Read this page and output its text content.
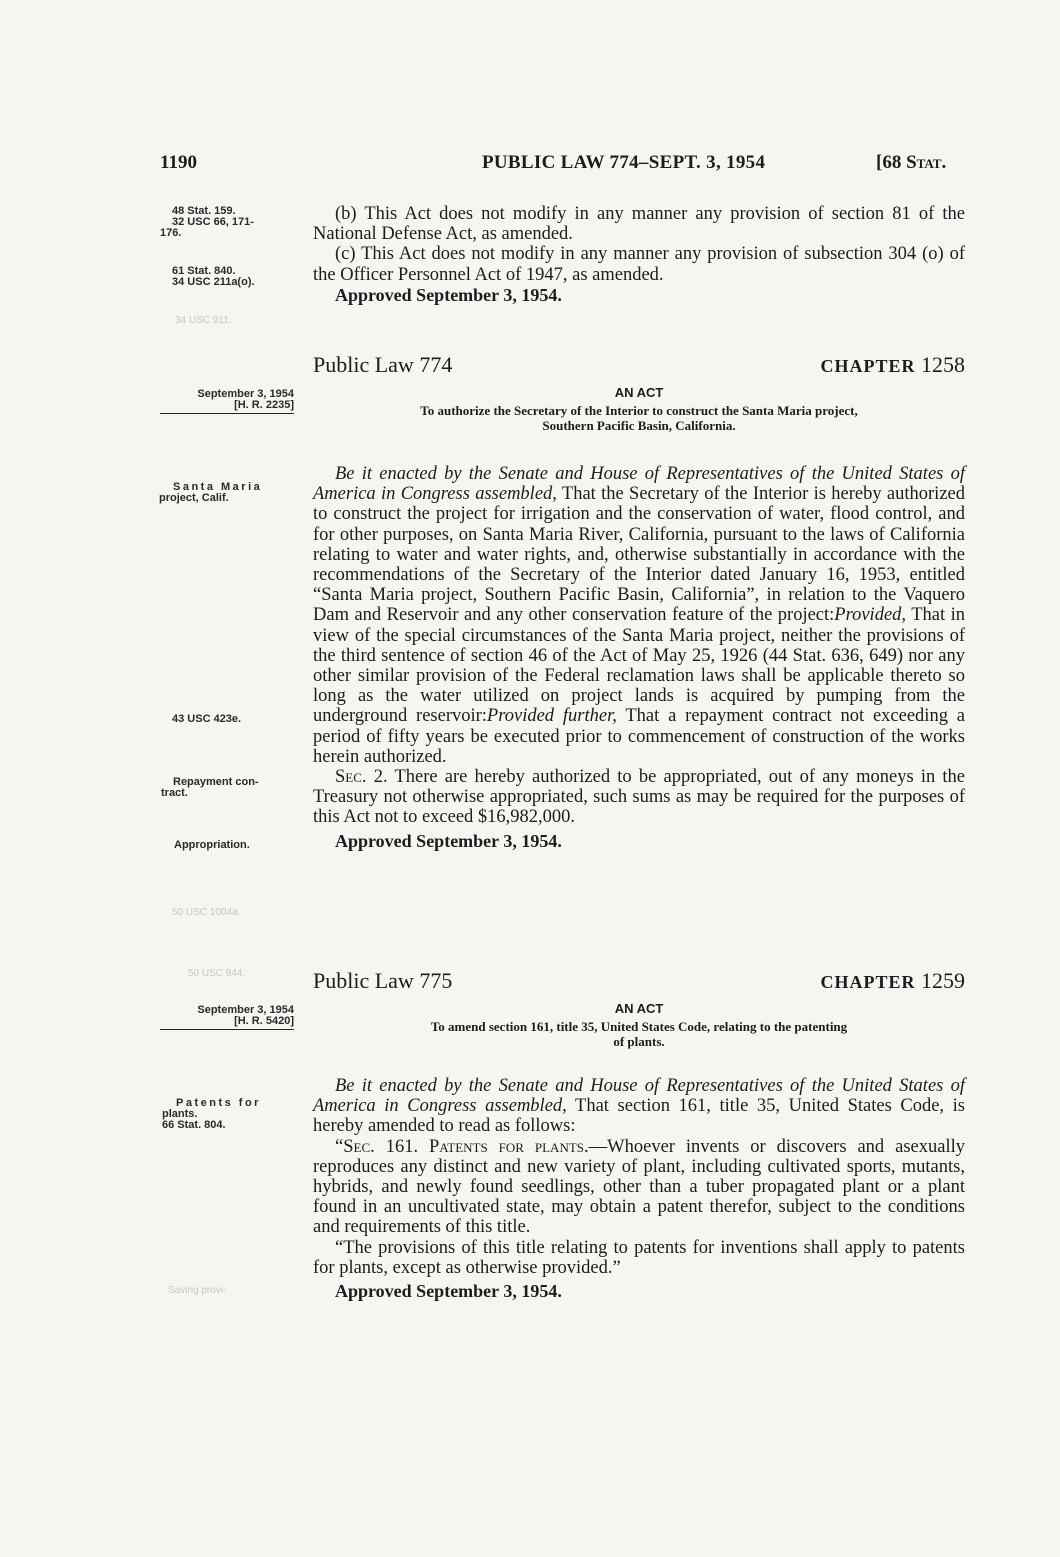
1190	PUBLIC LAW 774–SEPT. 3, 1954	[68 Stat.
34 USC 911.
50 USC 1004a.
50 USC 944.
Saving provi-
48 Stat. 159.
32 USC 66, 171-
176.
61 Stat. 840.
34 USC 211a(o).
September 3, 1954
[H. R. 2235]
Santa Maria
project, Calif.
43 USC 423e.
Repayment con-
tract.
Appropriation.
September 3, 1954
[H. R. 5420]
Patents for
plants.
66 Stat. 804.

(b) This Act does not modify in any manner any provision of section 81 of the National Defense Act, as amended.

(c) This Act does not modify in any manner any provision of subsection 304 (o) of the Officer Personnel Act of 1947, as amended.

Approved September 3, 1954.

Public Law 774	CHAPTER 1258
AN ACT
To authorize the Secretary of the Interior to construct the Santa Maria project,
Southern Pacific Basin, California.

Be it enacted by the Senate and House of Representatives of the United States of America in Congress assembled, That the Secretary of the Interior is hereby authorized to construct the project for irrigation and the conservation of water, flood control, and for other purposes, on Santa Maria River, California, pursuant to the laws of California relating to water and water rights, and, otherwise substantially in accordance with the recommendations of the Secretary of the Interior dated January 16, 1953, entitled “Santa Maria project, Southern Pacific Basin, California”, in relation to the Vaquero Dam and Reservoir and any other conservation feature of the project:Provided, That in view of the special circumstances of the Santa Maria project, neither the provisions of the third sentence of section 46 of the Act of May 25, 1926 (44 Stat. 636, 649) nor any other similar provision of the Federal reclamation laws shall be applicable thereto so long as the water utilized on project lands is acquired by pumping from the underground reservoir:Provided further, That a repayment contract not exceeding a period of fifty years be executed prior to commencement of construction of the works herein authorized.

Sec. 2. There are hereby authorized to be appropriated, out of any moneys in the Treasury not otherwise appropriated, such sums as may be required for the purposes of this Act not to exceed $16,982,000.

Approved September 3, 1954.

Public Law 775	CHAPTER 1259
AN ACT
To amend section 161, title 35, United States Code, relating to the patenting
of plants.

Be it enacted by the Senate and House of Representatives of the United States of America in Congress assembled, That section 161, title 35, United States Code, is hereby amended to read as follows:

“Sec. 161. Patents for plants.—Whoever invents or discovers and asexually reproduces any distinct and new variety of plant, including cultivated sports, mutants, hybrids, and newly found seedlings, other than a tuber propagated plant or a plant found in an uncultivated state, may obtain a patent therefor, subject to the conditions and requirements of this title.

“The provisions of this title relating to patents for inventions shall apply to patents for plants, except as otherwise provided.”

Approved September 3, 1954.
